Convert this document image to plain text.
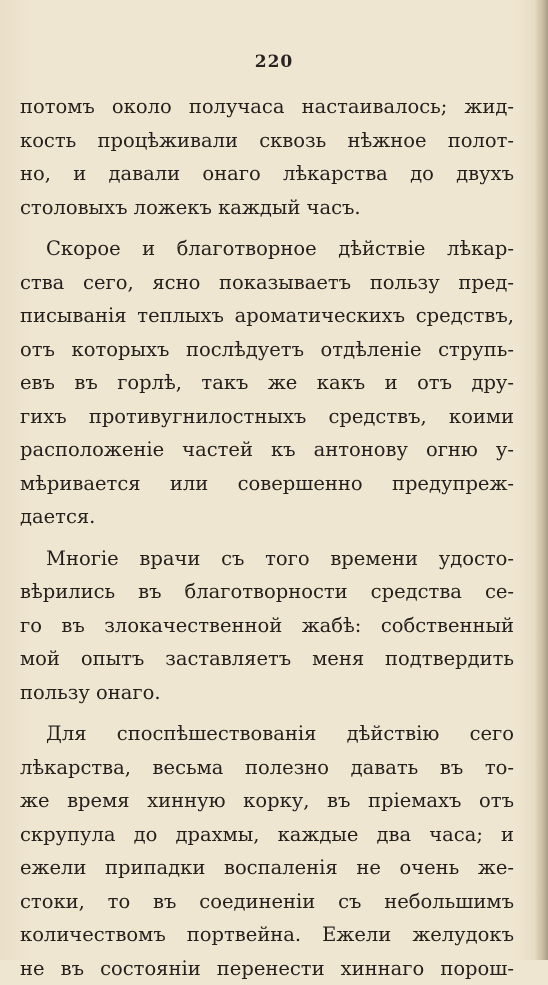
220
потомъ около получаса настаивалось; жид-
кость процѣживали сквозь нѣжное полот-
но, и давали онаго лѣкарства до двухъ
столовыхъ ложекъ каждый часъ.
Скорое и благотворное дѣйствіе лѣкар-
ства сего, ясно показываетъ пользу пред-
писыванія теплыхъ ароматическихъ средствъ,
отъ которыхъ послѣдуетъ отдѣленіе струпь-
евъ въ горлѣ, такъ же какъ и отъ дру-
гихъ противугнилостныхъ средствъ, коими
расположеніе частей къ антонову огню у-
мѣривается или совершенно предупреж-
дается.
Многіе врачи съ того времени удосто-
вѣрились въ благотворности средства се-
го въ злокачественной жабѣ: собственный
мой опытъ заставляетъ меня подтвердить
пользу онаго.
Для споспѣшествованія дѣйствію сего
лѣкарства, весьма полезно давать въ то-
же время хинную корку, въ пріемахъ отъ
скрупула до драхмы, каждые два часа; и
ежели припадки воспаленія не очень же-
стоки, то въ соединеніи съ небольшимъ
количествомъ портвейна. Ежели желудокъ
не въ состояніи перенести хиннаго порош-
